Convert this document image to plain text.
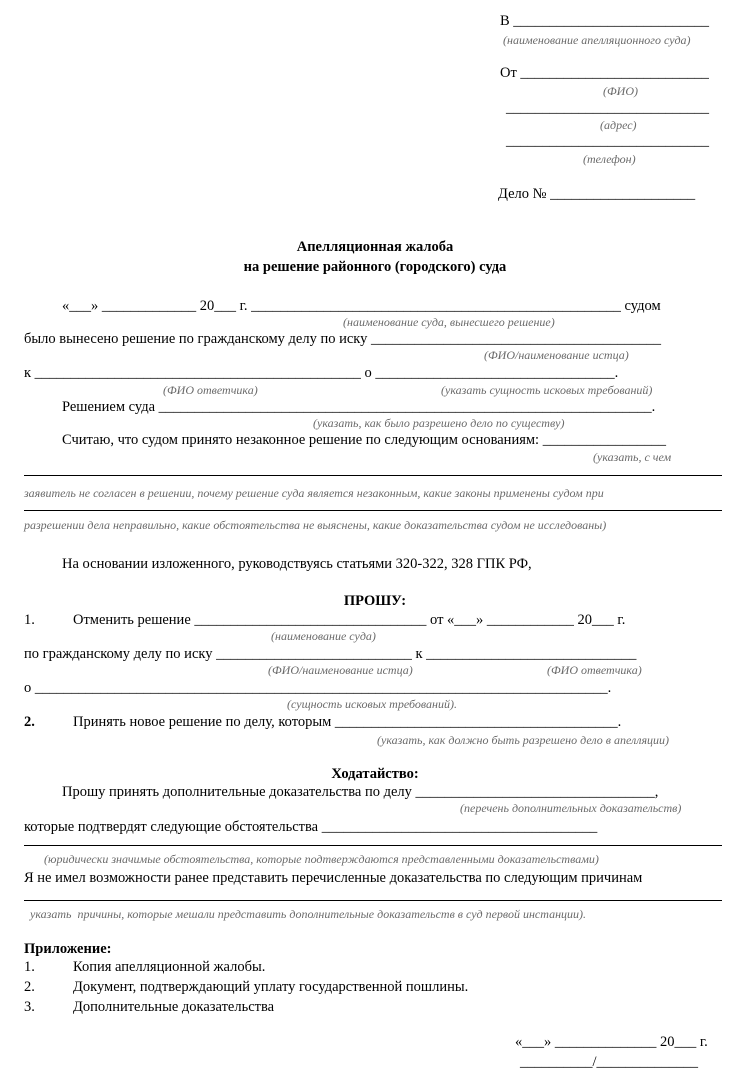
В ___________________________
(наименование апелляционного суда)
От __________________________
(ФИО)
____________________________
(адрес)
____________________________
(телефон)
Дело № ____________________
Апелляционная жалоба
на решение районного (городского) суда
«___» _____________ 20___ г. ___________________________________________________ судом
(наименование суда, вынесшего решение)
было вынесено решение по гражданскому делу по иску ________________________________________
(ФИО/наименование истца)
к _____________________________________________ о _________________________________.
(ФИО ответчика)	(указать сущность исковых требований)
Решением суда ____________________________________________________________________.
(указать, как было разрешено дело по существу)
Считаю, что судом принято незаконное решение по следующим основаниям: _________________
(указать, с чем
заявитель не согласен в решении, почему решение суда является незаконным, какие законы применены судом при
разрешении дела неправильно, какие обстоятельства не выяснены, какие доказательства судом не исследованы)
На основании изложенного, руководствуясь статьями 320-322, 328 ГПК РФ,
ПРОШУ:
1.	Отменить решение ________________________________ от «___» ____________ 20___ г.
(наименование суда)
по гражданскому делу по иску ___________________________ к _____________________________
(ФИО/наименование истца)	(ФИО ответчика)
о _______________________________________________________________________________.
(сущность исковых требований).
2.	Принять новое решение по делу, которым _______________________________________.
(указать, как должно быть разрешено дело в апелляции)
Ходатайство:
Прошу принять дополнительные доказательства по делу _________________________________,
(перечень дополнительных доказательств)
которые подтвердят следующие обстоятельства ______________________________________
(юридически значимые обстоятельства, которые подтверждаются представленными доказательствами)
Я не имел возможности ранее представить перечисленные доказательства по следующим причинам
указать  причины, которые мешали представить дополнительные доказательств в суд первой инстанции).
Приложение:
1.	Копия апелляционной жалобы.
2.	Документ, подтверждающий уплату государственной пошлины.
3.	Дополнительные доказательства
«___» ______________ 20___ г.
__________/______________
